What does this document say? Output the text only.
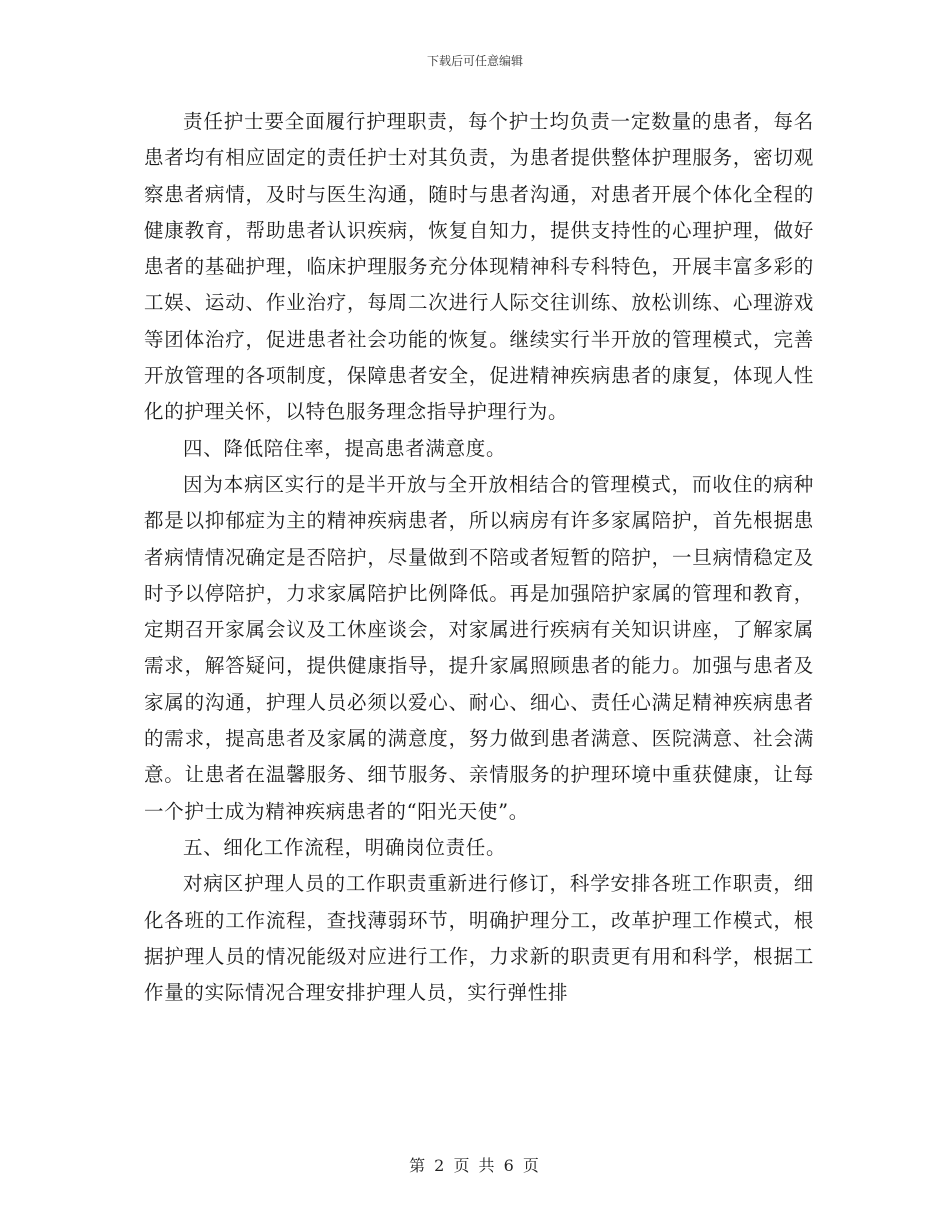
下载后可任意编辑

责任护士要全面履行护理职责，每个护士均负责一定数量的患者，每名患者均有相应固定的责任护士对其负责，为患者提供整体护理服务，密切观察患者病情，及时与医生沟通，随时与患者沟通，对患者开展个体化全程的健康教育，帮助患者认识疾病，恢复自知力，提供支持性的心理护理，做好患者的基础护理，临床护理服务充分体现精神科专科特色，开展丰富多彩的工娱、运动、作业治疗，每周二次进行人际交往训练、放松训练、心理游戏等团体治疗，促进患者社会功能的恢复。继续实行半开放的管理模式，完善开放管理的各项制度，保障患者安全，促进精神疾病患者的康复，体现人性化的护理关怀，以特色服务理念指导护理行为。

四、降低陪住率，提高患者满意度。

因为本病区实行的是半开放与全开放相结合的管理模式，而收住的病种都是以抑郁症为主的精神疾病患者，所以病房有许多家属陪护，首先根据患者病情情况确定是否陪护，尽量做到不陪或者短暂的陪护，一旦病情稳定及时予以停陪护，力求家属陪护比例降低。再是加强陪护家属的管理和教育，定期召开家属会议及工休座谈会，对家属进行疾病有关知识讲座，了解家属需求，解答疑问，提供健康指导，提升家属照顾患者的能力。加强与患者及家属的沟通，护理人员必须以爱心、耐心、细心、责任心满足精神疾病患者的需求，提高患者及家属的满意度，努力做到患者满意、医院满意、社会满意。让患者在温馨服务、细节服务、亲情服务的护理环境中重获健康，让每一个护士成为精神疾病患者的“阳光天使”。

五、细化工作流程，明确岗位责任。

对病区护理人员的工作职责重新进行修订，科学安排各班工作职责，细化各班的工作流程，查找薄弱环节，明确护理分工，改革护理工作模式，根据护理人员的情况能级对应进行工作，力求新的职责更有用和科学，根据工作量的实际情况合理安排护理人员，实行弹性排

第 2 页 共 6 页
